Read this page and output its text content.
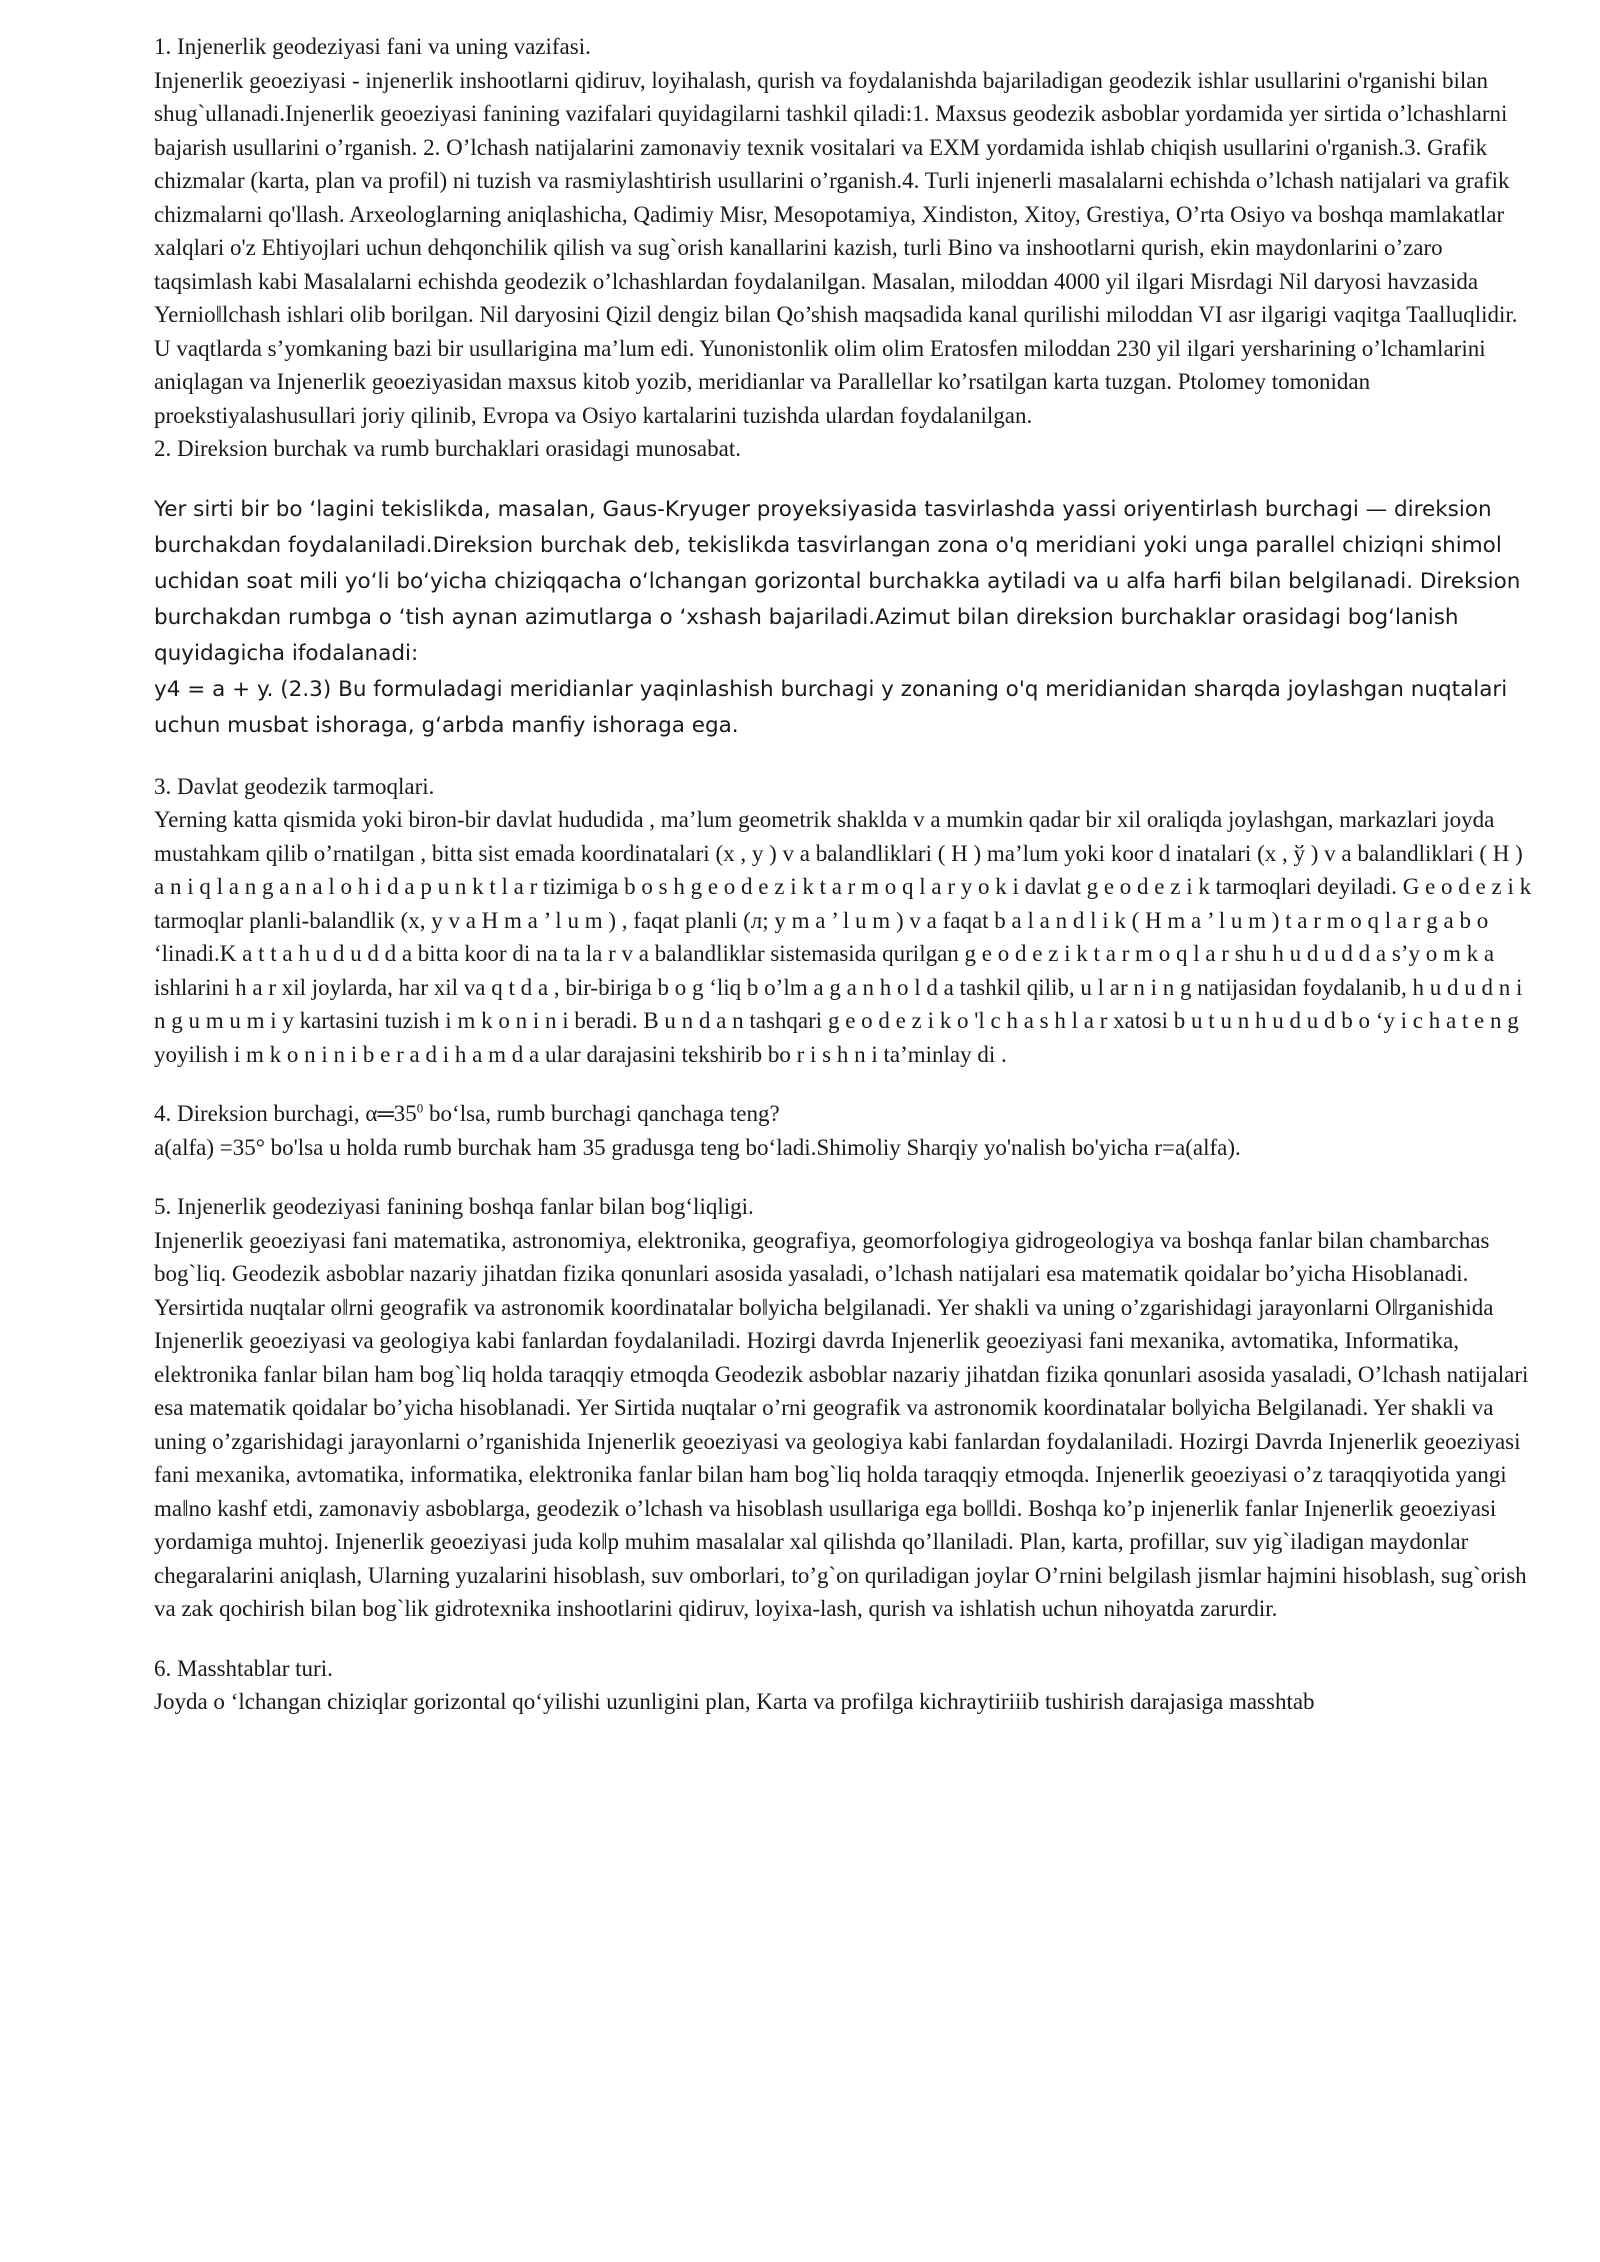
1. Injenerlik geodeziyasi fani va uning vazifasi.

Injenerlik geoeziyasi - injenerlik inshootlarni qidiruv, loyihalash, qurish va foydalanishda bajariladigan geodezik ishlar usullarini o'rganishi bilan shug`ullanadi.Injenerlik geoeziyasi fanining vazifalari quyidagilarni tashkil qiladi:1. Maxsus geodezik asboblar yordamida yer sirtida o’lchashlarni bajarish usullarini o’rganish. 2. O’lchash natijalarini zamonaviy texnik vositalari va EXM yordamida ishlab chiqish usullarini o'rganish.3. Grafik chizmalar (karta, plan va profil) ni tuzish va rasmiylashtirish usullarini o’rganish.4. Turli injenerli masalalarni echishda o’lchash natijalari va grafik chizmalarni qo'llash. Arxeologlarning aniqlashicha, Qadimiy Misr, Mesopotamiya, Xindiston, Xitoy, Grestiya, O’rta Osiyo va boshqa mamlakatlar xalqlari o'z Ehtiyojlari uchun dehqonchilik qilish va sug`orish kanallarini kazish, turli Bino va inshootlarni qurish, ekin maydonlarini o’zaro taqsimlash kabi Masalalarni echishda geodezik o’lchashlardan foydalanilgan. Masalan, miloddan 4000 yil ilgari Misrdagi Nil daryosi havzasida Yernio‖lchash ishlari olib borilgan. Nil daryosini Qizil dengiz bilan Qo’shish maqsadida kanal qurilishi miloddan VI asr ilgarigi vaqitga Taalluqlidir. U vaqtlarda s’yomkaning bazi bir usullarigina ma’lum edi. Yunonistonlik olim olim Eratosfen miloddan 230 yil ilgari yersharining o’lchamlarini aniqlagan va Injenerlik geoeziyasidan maxsus kitob yozib, meridianlar va Parallellar ko’rsatilgan karta tuzgan. Ptolomey tomonidan proekstiyalashusullari joriy qilinib, Evropa va Osiyo kartalarini tuzishda ulardan foydalanilgan.

2. Direksion burchak va rumb burchaklari orasidagi munosabat.

Yer sirti bir bo ‘lagini tekislikda, masalan, Gaus-Kryuger proyeksiyasida tasvirlashda yassi oriyentirlash burchagi — direksion burchakdan foydalaniladi.Direksion burchak deb, tekislikda tasvirlangan zona o'q meridiani yoki unga parallel chiziqni shimol uchidan soat mili yo‘li bo‘yicha chiziqqacha o‘lchangan gorizontal burchakka aytiladi va u alfa harfi bilan belgilanadi. Direksion burchakdan rumbga o ‘tish aynan azimutlarga o ‘xshash bajariladi.Azimut bilan direksion burchaklar orasidagi bog‘lanish quyidagicha ifodalanadi:

y4 = a + y. (2.3) Bu formuladagi meridianlar yaqinlashish burchagi y zonaning o'q meridianidan sharqda joylashgan nuqtalari uchun musbat ishoraga, g‘arbda manfiy ishoraga ega.

3. Davlat geodezik tarmoqlari.

Yerning katta qismida yoki biron-bir davlat hududida , ma’lum geometrik shaklda v a mumkin qadar bir xil oraliqda joylashgan, markazlari joyda mustahkam qilib o’rnatilgan , bitta sist emada koordinatalari (x , y ) v a balandliklari ( H ) ma’lum yoki koor d inatalari (x , ў ) v a balandliklari ( H ) a n i q l a n g a n a l o h i d a p u n k t l a r tizimiga b o s h g e o d e z i k t a r m o q l a r y o k i davlat g e o d e z i k tarmoqlari deyiladi. G e o d e z i k tarmoqlar planli-balandlik (x, y v a H m a ’ l u m ) , faqat planli (л; y m a ’ l u m ) v a faqat b a l a n d l i k ( H m a ’ l u m ) t a r m o q l a r g a b o ‘linadi.K a t t a h u d u d d a bitta koor di na ta la r v a balandliklar sistemasida qurilgan g e o d e z i k t a r m o q l a r shu h u d u d d a s’y o m k a ishlarini h a r xil joylarda, har xil va q t d a , bir-biriga b o g ‘liq b o’lm a g a n h o l d a tashkil qilib, u l ar n i n g natijasidan foydalanib, h u d u d n i n g u m u m i y kartasini tuzish i m k o n i n i beradi. B u n d a n tashqari g e o d e z i k o 'l c h a s h l a r xatosi b u t u n h u d u d b o ‘y i c h a t e n g yoyilish i m k o n i n i b e r a d i h a m d a ular darajasini tekshirib bo r i s h n i ta’minlay di .

4. Direksion burchagi, $\alpha═35^0$ bo‘lsa, rumb burchagi qanchaga teng?

a(alfa) =35° bo'lsa u holda rumb burchak ham 35 gradusga teng bo‘ladi.Shimoliy Sharqiy yo'nalish bo'yicha r=a(alfa).

5. Injenerlik geodeziyasi fanining boshqa fanlar bilan bog‘liqligi.

Injenerlik geoeziyasi fani matematika, astronomiya, elektronika, geografiya, geomorfologiya gidrogeologiya va boshqa fanlar bilan chambarchas bog`liq. Geodezik asboblar nazariy jihatdan fizika qonunlari asosida yasaladi, o’lchash natijalari esa matematik qoidalar bo’yicha Hisoblanadi. Yersirtida nuqtalar o‖rni geografik va astronomik koordinatalar bo‖yicha belgilanadi. Yer shakli va uning o’zgarishidagi jarayonlarni O‖rganishida Injenerlik geoeziyasi va geologiya kabi fanlardan foydalaniladi. Hozirgi davrda Injenerlik geoeziyasi fani mexanika, avtomatika, Informatika, elektronika fanlar bilan ham bog`liq holda taraqqiy etmoqda Geodezik asboblar nazariy jihatdan fizika qonunlari asosida yasaladi, O’lchash natijalari esa matematik qoidalar bo’yicha hisoblanadi. Yer Sirtida nuqtalar o’rni geografik va astronomik koordinatalar bo‖yicha Belgilanadi. Yer shakli va uning o’zgarishidagi jarayonlarni o’rganishida Injenerlik geoeziyasi va geologiya kabi fanlardan foydalaniladi. Hozirgi Davrda Injenerlik geoeziyasi fani mexanika, avtomatika, informatika, elektronika fanlar bilan ham bog`liq holda taraqqiy etmoqda. Injenerlik geoeziyasi o’z taraqqiyotida yangi ma‖no kashf etdi, zamonaviy asboblarga, geodezik o’lchash va hisoblash usullariga ega bo‖ldi. Boshqa ko’p injenerlik fanlar Injenerlik geoeziyasi yordamiga muhtoj. Injenerlik geoeziyasi juda ko‖p muhim masalalar xal qilishda qo’llaniladi. Plan, karta, profillar, suv yig`iladigan maydonlar chegaralarini aniqlash, Ularning yuzalarini hisoblash, suv omborlari, to’g`on quriladigan joylar O’rnini belgilash jismlar hajmini hisoblash, sug`orish va zak qochirish bilan bog`lik gidrotexnika inshootlarini qidiruv, loyixa-lash, qurish va ishlatish uchun nihoyatda zarurdir.

6. Masshtablar turi.

Joyda o ‘lchangan chiziqlar gorizontal qo‘yilishi uzunligini plan, Karta va profilga kichraytiriiib tushirish darajasiga masshtab
